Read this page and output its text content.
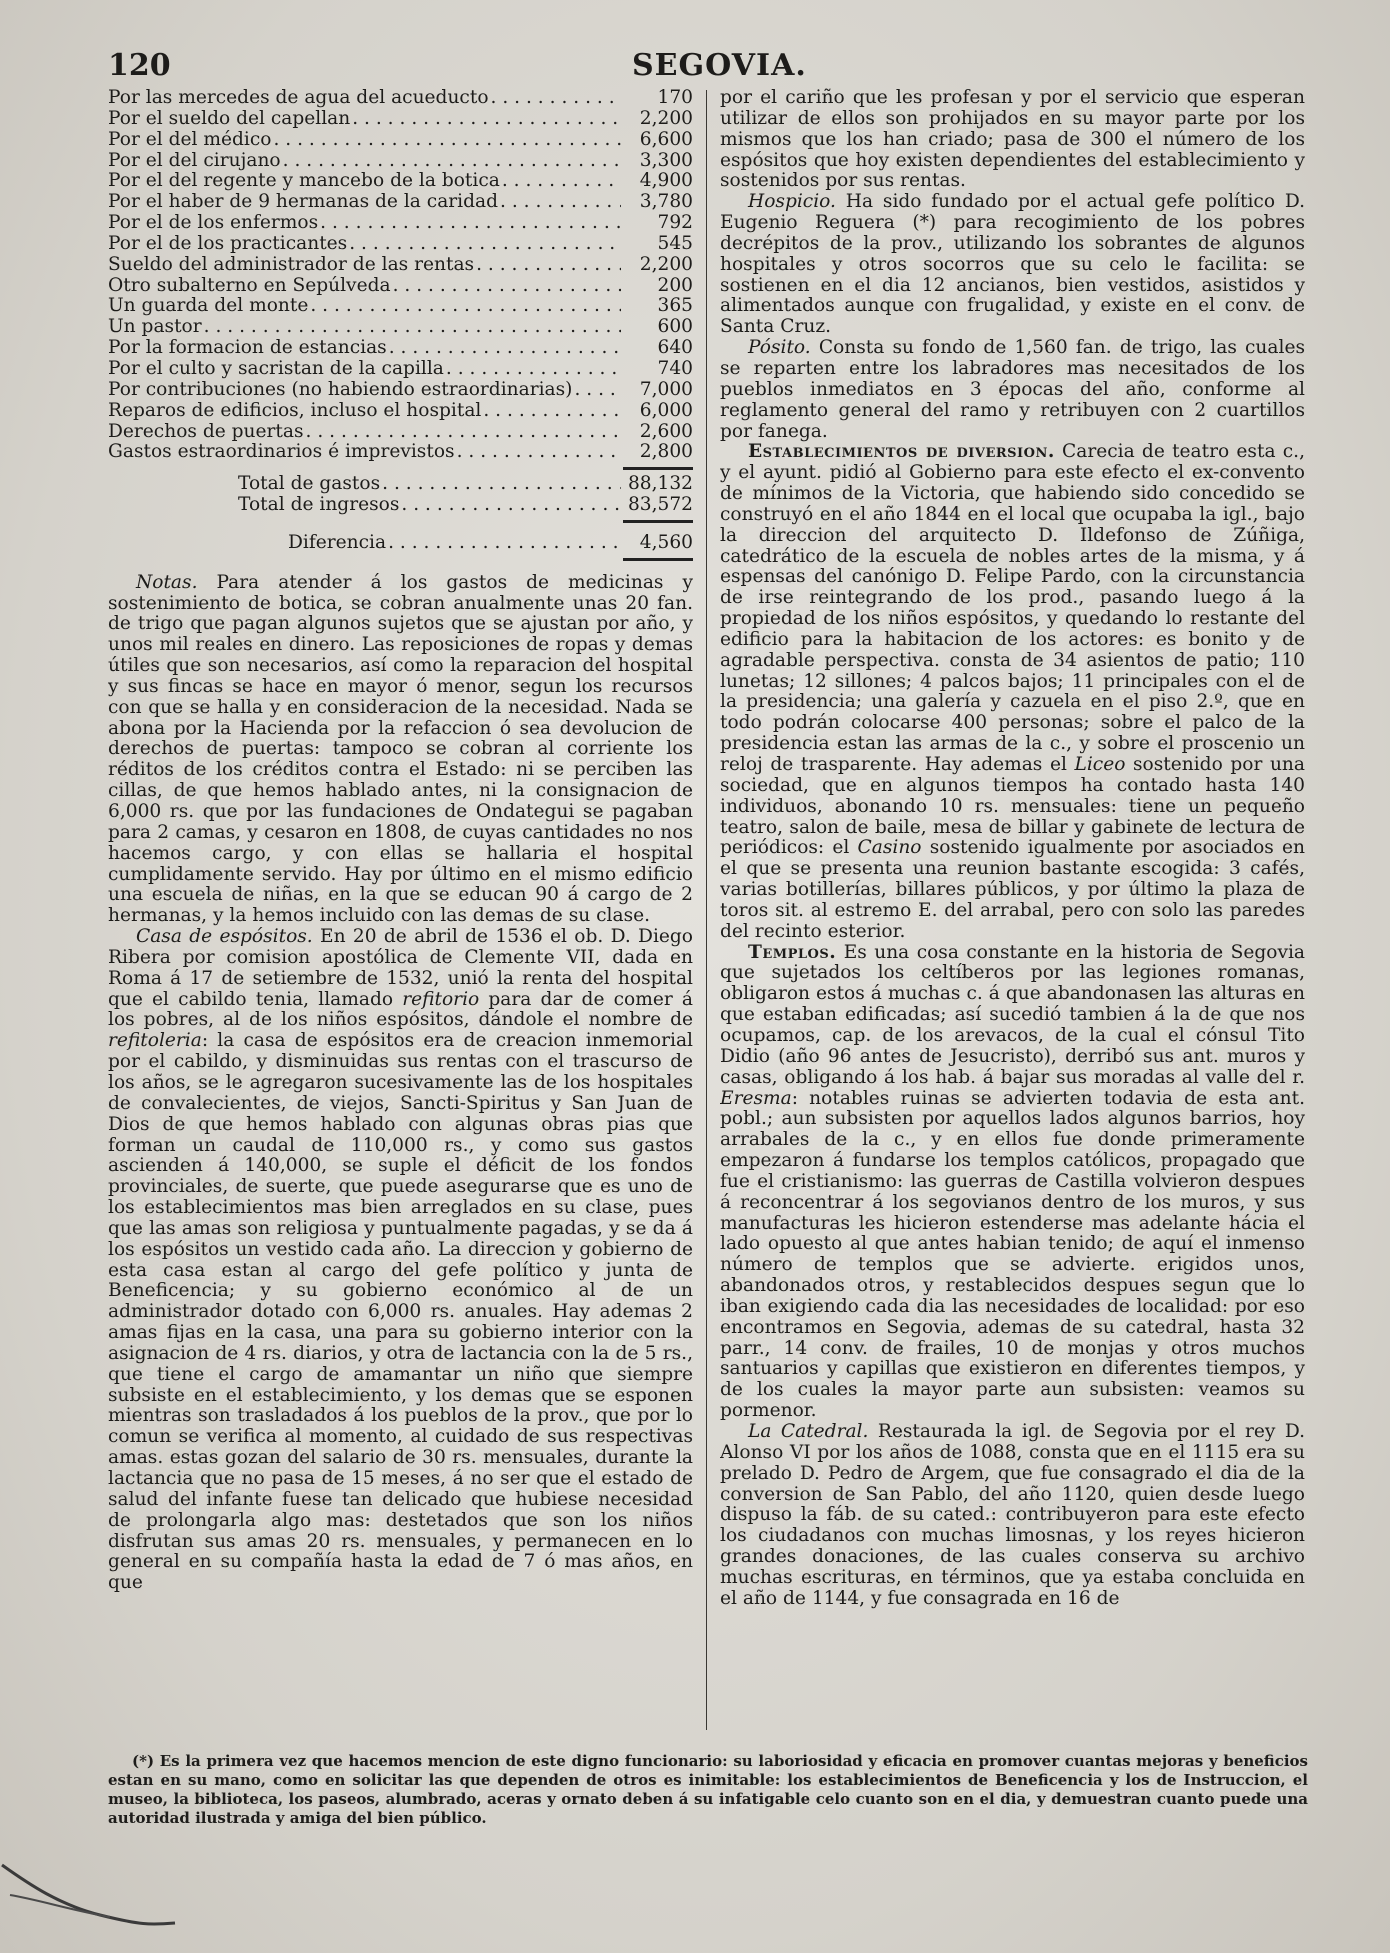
120	SEGOVIA.
Por las mercedes de agua del acueducto . . .	170
Por el sueldo del capellan . . .	2,200
Por el del médico . . .	6,600
Por el del cirujano . . .	3,300
Por el del regente y mancebo de la botica . . .	4,900
Por el haber de 9 hermanas de la caridad . . .	3,780
Por el de los enfermos . . .	792
Por el de los practicantes . . .	545
Sueldo del administrador de las rentas . . .	2,200
Otro subalterno en Sepúlveda . . .	200
Un guarda del monte . . .	365
Un pastor . . .	600
Por la formacion de estancias . . .	640
Por el culto y sacristan de la capilla . . .	740
Por contribuciones (no habiendo estraordinarias) . . .	7,000
Reparos de edificios, incluso el hospital . . .	6,000
Derechos de puertas . . .	2,600
Gastos estraordinarios é imprevistos . . .	2,800
Total de gastos . . .	88,132
Total de ingresos . . .	83,572
Diferencia . . .	4,560

Notas. Para atender á los gastos de medicinas y sostenimiento de botica, se cobran anualmente unas 20 fan. de trigo que pagan algunos sujetos que se ajustan por año, y unos mil reales en dinero. Las reposiciones de ropas y demas útiles que son necesarios, así como la reparacion del hospital y sus fincas se hace en mayor ó menor, segun los recursos con que se halla y en consideracion de la necesidad. Nada se abona por la Hacienda por la refaccion ó sea devolucion de derechos de puertas: tampoco se cobran al corriente los réditos de los créditos contra el Estado: ni se perciben las cillas, de que hemos hablado antes, ni la consignacion de 6,000 rs. que por las fundaciones de Ondategui se pagaban para 2 camas, y cesaron en 1808, de cuyas cantidades no nos hacemos cargo, y con ellas se hallaria el hospital cumplidamente servido. Hay por último en el mismo edificio una escuela de niñas, en la que se educan 90 á cargo de 2 hermanas, y la hemos incluido con las demas de su clase.

Casa de espósitos. En 20 de abril de 1536 el ob. D. Diego Ribera por comision apostólica de Clemente VII, dada en Roma á 17 de setiembre de 1532, unió la renta del hospital que el cabildo tenia, llamado refitorio para dar de comer á los pobres, al de los niños espósitos, dándole el nombre de refitoleria: la casa de espósitos era de creacion inmemorial por el cabildo, y disminuidas sus rentas con el trascurso de los años, se le agregaron sucesivamente las de los hospitales de convalecientes, de viejos, Sancti-Spiritus y San Juan de Dios de que hemos hablado con algunas obras pias que forman un caudal de 110,000 rs., y como sus gastos ascienden á 140,000, se suple el déficit de los fondos provinciales, de suerte, que puede asegurarse que es uno de los establecimientos mas bien arreglados en su clase, pues que las amas son religiosa y puntualmente pagadas, y se da á los espósitos un vestido cada año. La direccion y gobierno de esta casa estan al cargo del gefe político y junta de Beneficencia; y su gobierno económico al de un administrador dotado con 6,000 rs. anuales. Hay ademas 2 amas fijas en la casa, una para su gobierno interior con la asignacion de 4 rs. diarios, y otra de lactancia con la de 5 rs., que tiene el cargo de amamantar un niño que siempre subsiste en el establecimiento, y los demas que se esponen mientras son trasladados á los pueblos de la prov., que por lo comun se verifica al momento, al cuidado de sus respectivas amas. estas gozan del salario de 30 rs. mensuales, durante la lactancia que no pasa de 15 meses, á no ser que el estado de salud del infante fuese tan delicado que hubiese necesidad de prolongarla algo mas: destetados que son los niños disfrutan sus amas 20 rs. mensuales, y permanecen en lo general en su compañía hasta la edad de 7 ó mas años, en que

por el cariño que les profesan y por el servicio que esperan utilizar de ellos son prohijados en su mayor parte por los mismos que los han criado; pasa de 300 el número de los espósitos que hoy existen dependientes del establecimiento y sostenidos por sus rentas.

Hospicio. Ha sido fundado por el actual gefe político D. Eugenio Reguera (*) para recogimiento de los pobres decrépitos de la prov., utilizando los sobrantes de algunos hospitales y otros socorros que su celo le facilita: se sostienen en el dia 12 ancianos, bien vestidos, asistidos y alimentados aunque con frugalidad, y existe en el conv. de Santa Cruz.

Pósito. Consta su fondo de 1,560 fan. de trigo, las cuales se reparten entre los labradores mas necesitados de los pueblos inmediatos en 3 épocas del año, conforme al reglamento general del ramo y retribuyen con 2 cuartillos por fanega.

Establecimientos de diversion. Carecia de teatro esta c., y el ayunt. pidió al Gobierno para este efecto el ex-convento de mínimos de la Victoria, que habiendo sido concedido se construyó en el año 1844 en el local que ocupaba la igl., bajo la direccion del arquitecto D. Ildefonso de Zúñiga, catedrático de la escuela de nobles artes de la misma, y á espensas del canónigo D. Felipe Pardo, con la circunstancia de irse reintegrando de los prod., pasando luego á la propiedad de los niños espósitos, y quedando lo restante del edificio para la habitacion de los actores: es bonito y de agradable perspectiva. consta de 34 asientos de patio; 110 lunetas; 12 sillones; 4 palcos bajos; 11 principales con el de la presidencia; una galería y cazuela en el piso 2.º, que en todo podrán colocarse 400 personas; sobre el palco de la presidencia estan las armas de la c., y sobre el proscenio un reloj de trasparente. Hay ademas el Liceo sostenido por una sociedad, que en algunos tiempos ha contado hasta 140 individuos, abonando 10 rs. mensuales: tiene un pequeño teatro, salon de baile, mesa de billar y gabinete de lectura de periódicos: el Casino sostenido igualmente por asociados en el que se presenta una reunion bastante escogida: 3 cafés, varias botillerías, billares públicos, y por último la plaza de toros sit. al estremo E. del arrabal, pero con solo las paredes del recinto esterior.

Templos. Es una cosa constante en la historia de Segovia que sujetados los celtíberos por las legiones romanas, obligaron estos á muchas c. á que abandonasen las alturas en que estaban edificadas; así sucedió tambien á la de que nos ocupamos, cap. de los arevacos, de la cual el cónsul Tito Didio (año 96 antes de Jesucristo), derribó sus ant. muros y casas, obligando á los hab. á bajar sus moradas al valle del r. Eresma: notables ruinas se advierten todavia de esta ant. pobl.; aun subsisten por aquellos lados algunos barrios, hoy arrabales de la c., y en ellos fue donde primeramente empezaron á fundarse los templos católicos, propagado que fue el cristianismo: las guerras de Castilla volvieron despues á reconcentrar á los segovianos dentro de los muros, y sus manufacturas les hicieron estenderse mas adelante hácia el lado opuesto al que antes habian tenido; de aquí el inmenso número de templos que se advierte. erigidos unos, abandonados otros, y restablecidos despues segun que lo iban exigiendo cada dia las necesidades de localidad: por eso encontramos en Segovia, ademas de su catedral, hasta 32 parr., 14 conv. de frailes, 10 de monjas y otros muchos santuarios y capillas que existieron en diferentes tiempos, y de los cuales la mayor parte aun subsisten: veamos su pormenor.

La Catedral. Restaurada la igl. de Segovia por el rey D. Alonso VI por los años de 1088, consta que en el 1115 era su prelado D. Pedro de Argem, que fue consagrado el dia de la conversion de San Pablo, del año 1120, quien desde luego dispuso la fáb. de su cated.: contribuyeron para este efecto los ciudadanos con muchas limosnas, y los reyes hicieron grandes donaciones, de las cuales conserva su archivo muchas escrituras, en términos, que ya estaba concluida en el año de 1144, y fue consagrada en 16 de

(*) Es la primera vez que hacemos mencion de este digno funcionario: su laboriosidad y eficacia en promover cuantas mejoras y beneficios estan en su mano, como en solicitar las que dependen de otros es inimitable: los establecimientos de Beneficencia y los de Instruccion, el museo, la biblioteca, los paseos, alumbrado, aceras y ornato deben á su infatigable celo cuanto son en el dia, y demuestran cuanto puede una autoridad ilustrada y amiga del bien público.
